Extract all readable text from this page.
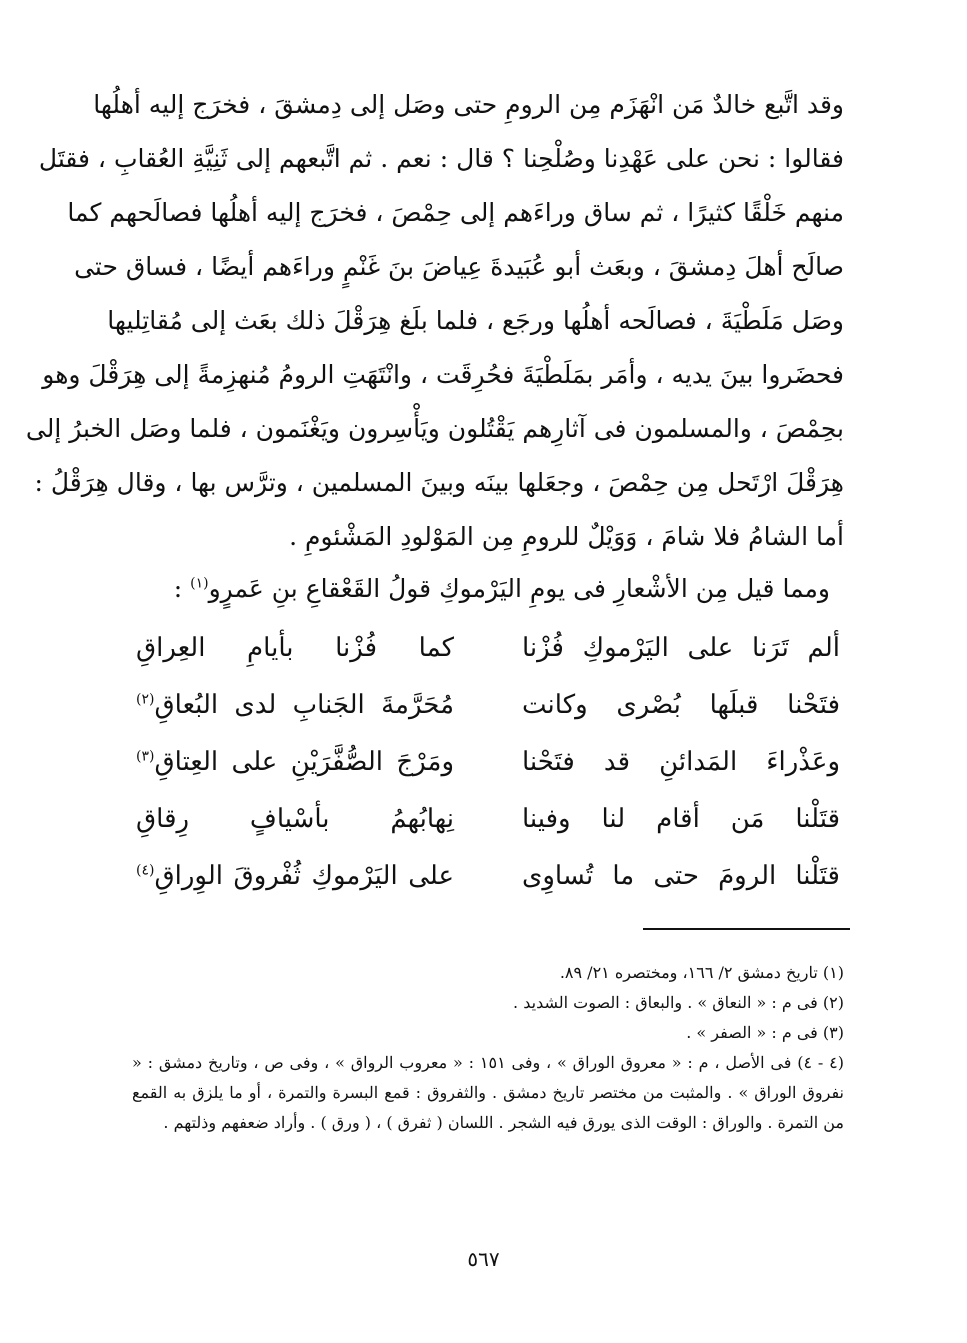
وقد اتَّبع خالدٌ مَن انْهَزَم مِن الرومِ حتى وصَل إلى دِمشقَ ، فخرَج إليه أهلُها
فقالوا : نحن على عَهْدِنا وصُلْحِنا ؟ قال : نعم . ثم اتَّبعهم إلى ثَنِيَّةِ العُقابِ ، فقتَل
منهم خَلْقًا كثيرًا ، ثم ساق وراءَهم إلى حِمْصَ ، فخرَج إليه أهلُها فصالَحهم كما
صالَح أهلَ دِمشقَ ، وبعَث أبو عُبَيدةَ عِياضَ بنَ غَنْمٍ وراءَهم أيضًا ، فساق حتى
وصَل مَلَطْيَةَ ، فصالَحه أهلُها ورجَع ، فلما بلَغ هِرَقْلَ ذلك بعَث إلى مُقاتِليها
فحضَروا بينَ يديه ، وأمَر بمَلَطْيَةَ فحُرِقَت ، وانْتَهَتِ الرومُ مُنهزِمةً إلى هِرَقْلَ وهو
بحِمْصَ ، والمسلمون فى آثارِهم يَقْتُلون ويَأْسِرون ويَغْنَمون ، فلما وصَل الخبرُ إلى
هِرَقْلَ ارْتَحل مِن حِمْصَ ، وجعَلها بينَه وبينَ المسلمين ، وترَّس بها ، وقال هِرَقْلُ :
أما الشامُ فلا شامَ ، وَوَيْلٌ للرومِ مِن المَوْلودِ المَشْئومِ .
ومما قيل مِن الأشْعارِ فى يومِ اليَرْموكِ قولُ القَعْقاعِ بنِ عَمرٍو$^{(١)}$ :
ألم تَرَنا على اليَرْموكِ فُزْنا
كما فُزْنا بأيامِ العِراقِ
فتَحْنا قبلَها بُصْرى وكانت
مُحَرَّمةَ الجَنابِ لدى البُعاقِ$^{(٢)}$
وعَذْراءَ المَدائنِ قد فتَحْنا
ومَرْجَ الصُّفَّرَيْنِ على العِتاقِ$^{(٣)}$
قتَلْنا مَن أقام لنا وفينا
نِهابُهمُ بأسْيافٍ رِقاقِ
قتَلْنا الرومَ حتى ما تُساوِى
على اليَرْموكِ ثُفْروقَ الوِراقِ$^{(٤)}$
(١) تاريخ دمشق ٢/ ١٦٦، ومختصره ٢١/ ٨٩.
(٢) فى م : « النعاق » . والبعاق : الصوت الشديد .
(٣) فى م : « الصفر » .
(٤ - ٤) فى الأصل ، م : « معروق الوراق » ، وفى ١٥١ : « معروب الرواق » ، وفى ص ، وتاريخ دمشق : « نفروق الوراق » . والمثبت من مختصر تاريخ دمشق . والثفروق : قمع البسرة والتمرة ، أو ما يلزق به القمع من التمرة . والوراق : الوقت الذى يورق فيه الشجر . اللسان ( ثفرق ) ، ( ورق ) . وأراد ضعفهم وذلتهم .
٥٦٧
